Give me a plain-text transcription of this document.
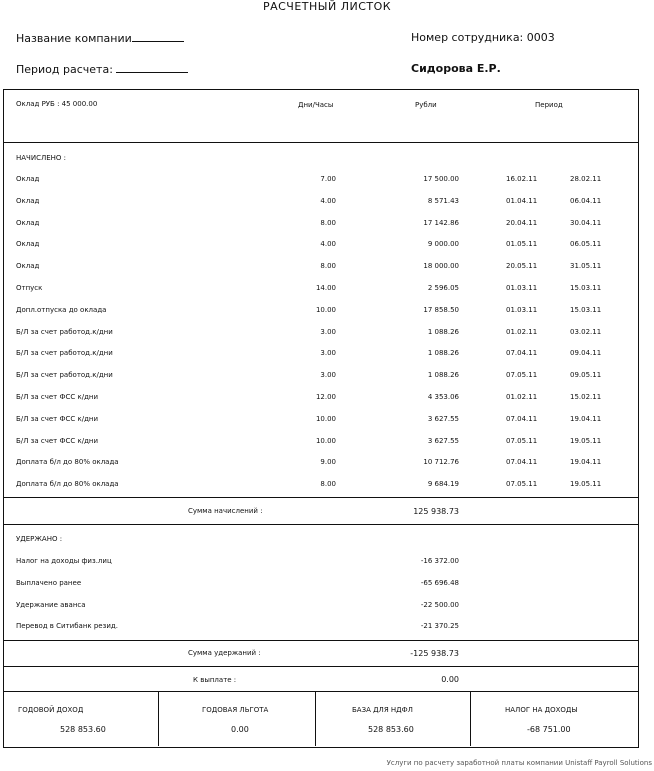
РАСЧЕТНЫЙ ЛИСТОК
Название компании
Период расчета:
Номер сотрудника: 0003
Сидорова Е.Р.
Оклад РУБ : 45 000.00	Дни/Часы	Рубли	Период
НАЧИСЛЕНО :
Оклад	7.00	17 500.00	16.02.11	28.02.11
Оклад	4.00	8 571.43	01.04.11	06.04.11
Оклад	8.00	17 142.86	20.04.11	30.04.11
Оклад	4.00	9 000.00	01.05.11	06.05.11
Оклад	8.00	18 000.00	20.05.11	31.05.11
Отпуск	14.00	2 596.05	01.03.11	15.03.11
Допл.отпуска до оклада	10.00	17 858.50	01.03.11	15.03.11
Б/Л за счет работод.к/дни	3.00	1 088.26	01.02.11	03.02.11
Б/Л за счет работод.к/дни	3.00	1 088.26	07.04.11	09.04.11
Б/Л за счет работод.к/дни	3.00	1 088.26	07.05.11	09.05.11
Б/Л за счет ФСС к/дни	12.00	4 353.06	01.02.11	15.02.11
Б/Л за счет ФСС к/дни	10.00	3 627.55	07.04.11	19.04.11
Б/Л за счет ФСС к/дни	10.00	3 627.55	07.05.11	19.05.11
Доплата б/л до 80% оклада	9.00	10 712.76	07.04.11	19.04.11
Доплата б/л до 80% оклада	8.00	9 684.19	07.05.11	19.05.11
Сумма начислений :	125 938.73
УДЕРЖАНО :
Налог на доходы физ.лиц	-16 372.00
Выплачено ранее	-65 696.48
Удержание аванса	-22 500.00
Перевод в Ситибанк резид.	-21 370.25
Сумма удержаний :	-125 938.73
К выплате :	0.00
ГОДОВОЙ ДОХОД
528 853.60
ГОДОВАЯ ЛЬГОТА
0.00
БАЗА ДЛЯ НДФЛ
528 853.60
НАЛОГ НА ДОХОДЫ
-68 751.00
Услуги по расчету заработной платы компании Unistaff Payroll Solutions
